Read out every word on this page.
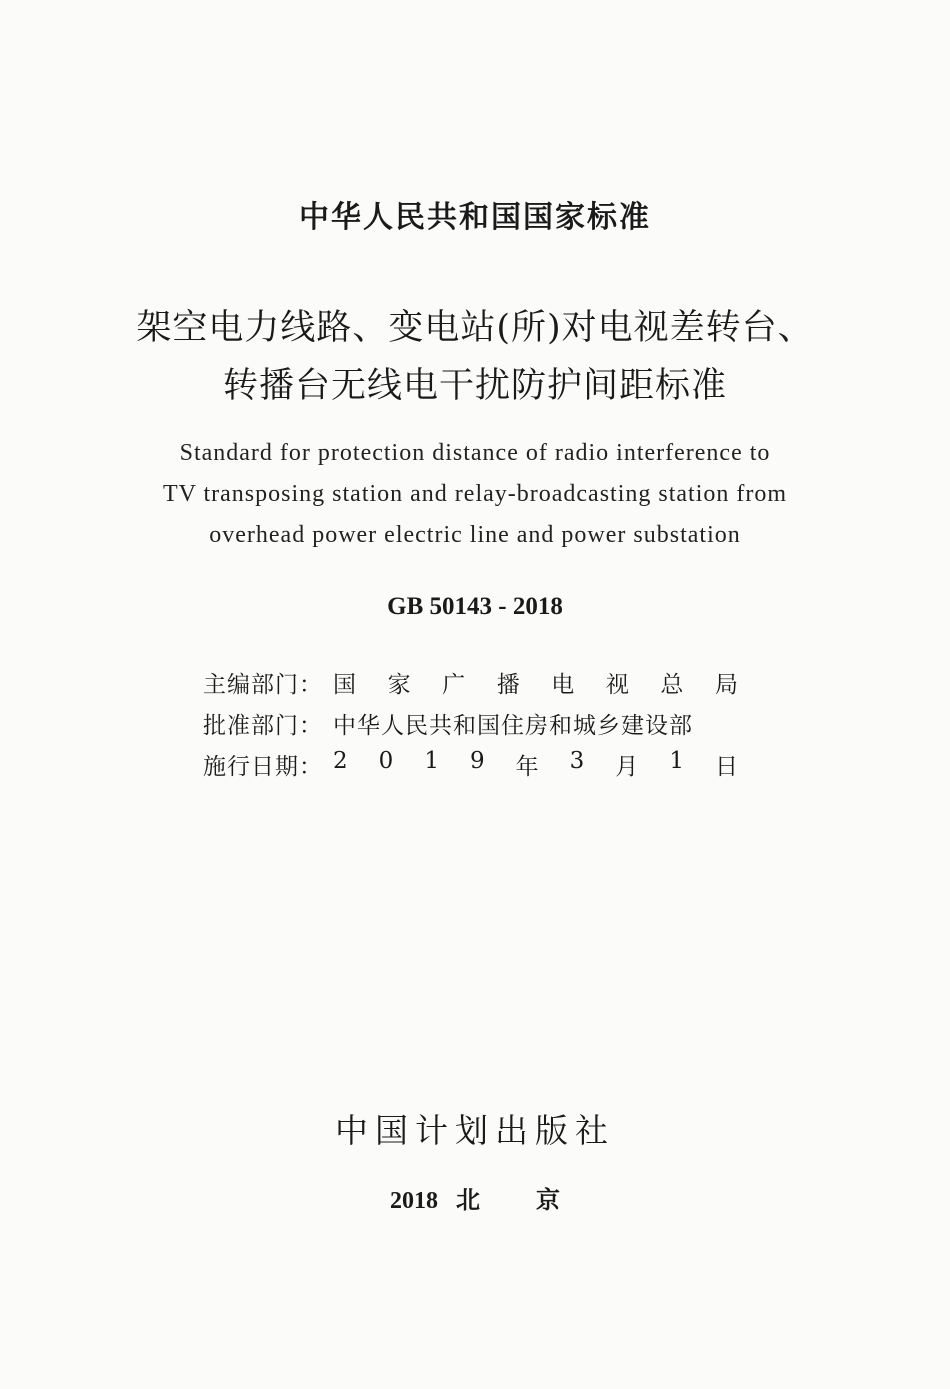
中华人民共和国国家标准
架空电力线路、变电站(所)对电视差转台、
转播台无线电干扰防护间距标准
Standard for protection distance of radio interference to
TV transposing station and relay-broadcasting station from
overhead power electric line and power substation
GB 50143 - 2018
主编部门： 国 家 广 播 电 视 总 局
批准部门： 中华人民共和国住房和城乡建设部
施行日期： 2 0 1 9 年 3 月 1 日
中国计划出版社
2018 北 京
